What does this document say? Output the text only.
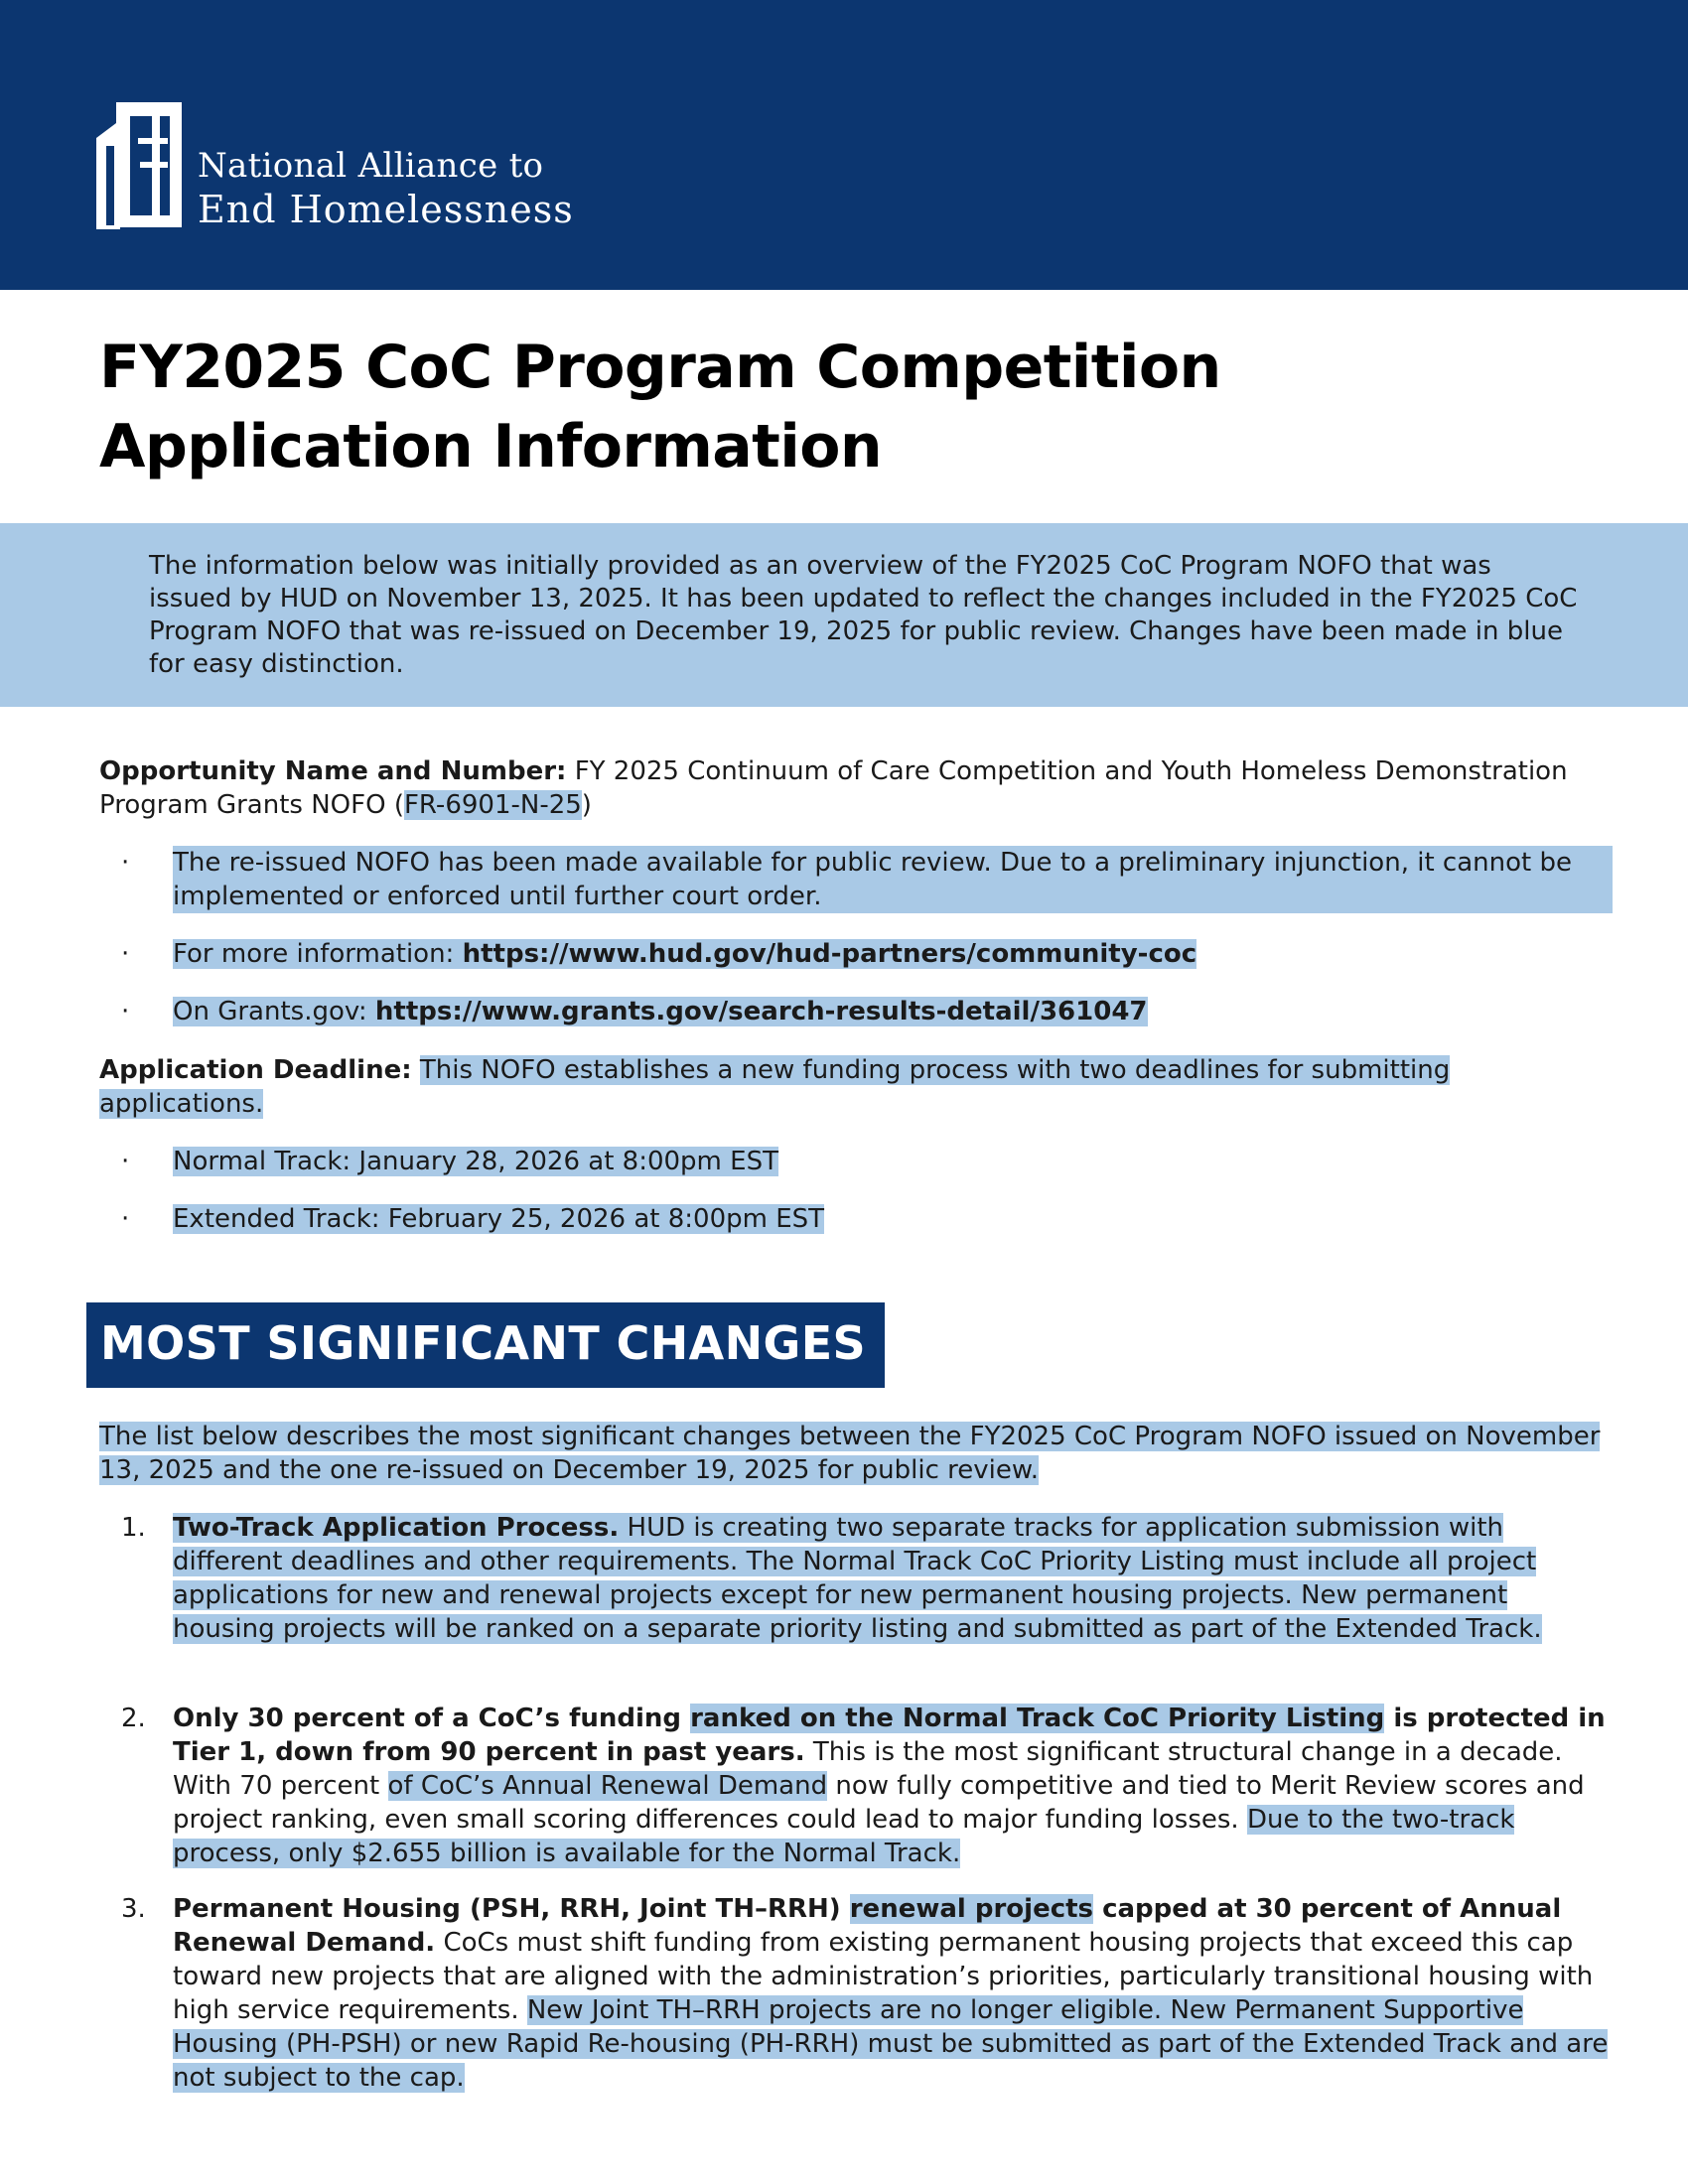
National Alliance to
End Homelessness
FY2025 CoC Program Competition
Application Information

The information below was initially provided as an overview of the FY2025 CoC Program NOFO that was issued by HUD on November 13, 2025. It has been updated to reflect the changes included in the FY2025 CoC Program NOFO that was re-issued on December 19, 2025 for public review. Changes have been made in blue for easy distinction.

Opportunity Name and Number: FY 2025 Continuum of Care Competition and Youth Homeless Demonstration Program Grants NOFO (FR-6901-N-25)

· The re-issued NOFO has been made available for public review. Due to a preliminary injunction, it cannot be implemented or enforced until further court order.
· For more information: https://www.hud.gov/hud-partners/community-coc
· On Grants.gov: https://www.grants.gov/search-results-detail/361047

Application Deadline: This NOFO establishes a new funding process with two deadlines for submitting applications.

· Normal Track: January 28, 2026 at 8:00pm EST
· Extended Track: February 25, 2026 at 8:00pm EST
MOST SIGNIFICANT CHANGES

The list below describes the most significant changes between the FY2025 CoC Program NOFO issued on November 13, 2025 and the one re-issued on December 19, 2025 for public review.

1. Two-Track Application Process. HUD is creating two separate tracks for application submission with different deadlines and other requirements. The Normal Track CoC Priority Listing must include all project applications for new and renewal projects except for new permanent housing projects. New permanent housing projects will be ranked on a separate priority listing and submitted as part of the Extended Track.
2. Only 30 percent of a CoC’s funding ranked on the Normal Track CoC Priority Listing is protected in Tier 1, down from 90 percent in past years. This is the most significant structural change in a decade. With 70 percent of CoC’s Annual Renewal Demand now fully competitive and tied to Merit Review scores and project ranking, even small scoring differences could lead to major funding losses. Due to the two-track process, only $2.655 billion is available for the Normal Track.
3. Permanent Housing (PSH, RRH, Joint TH–RRH) renewal projects capped at 30 percent of Annual Renewal Demand. CoCs must shift funding from existing permanent housing projects that exceed this cap toward new projects that are aligned with the administration’s priorities, particularly transitional housing with high service requirements. New Joint TH–RRH projects are no longer eligible. New Permanent Supportive Housing (PH-PSH) or new Rapid Re-housing (PH-RRH) must be submitted as part of the Extended Track and are not subject to the cap.
